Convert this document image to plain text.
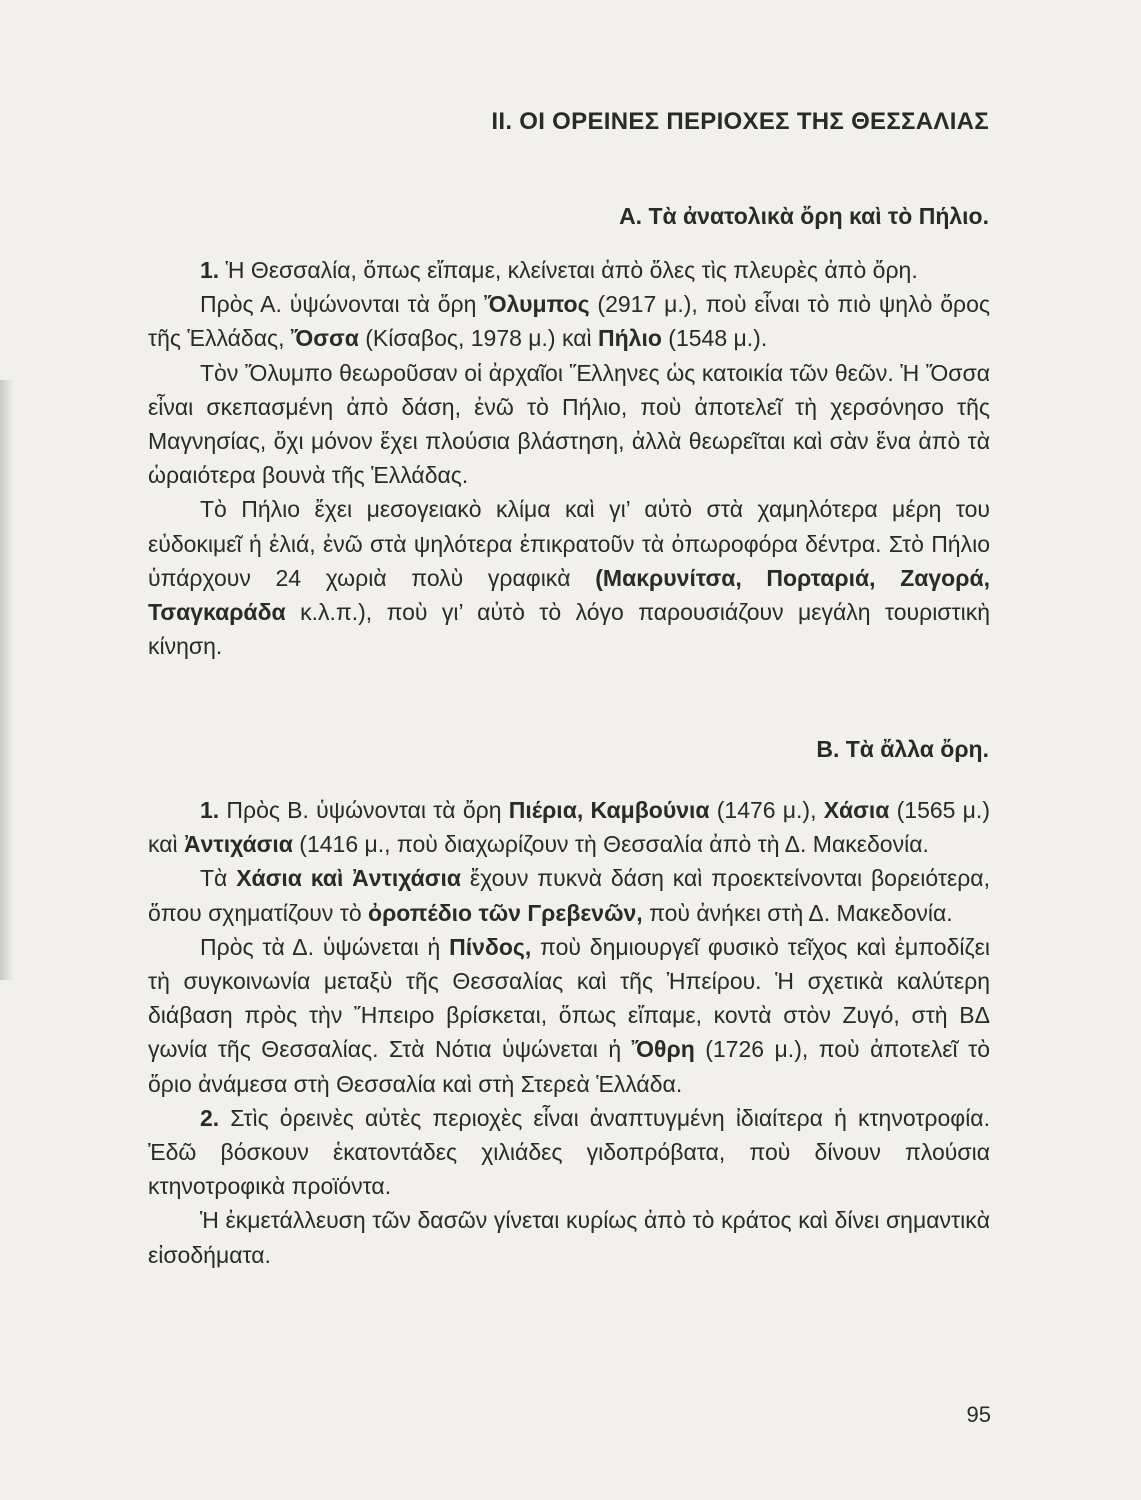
ΙΙ. ΟΙ ΟΡΕΙΝΕΣ ΠΕΡΙΟΧΕΣ ΤΗΣ ΘΕΣΣΑΛΙΑΣ
Α. Τὰ ἀνατολικὰ ὄρη καὶ τὸ Πήλιο.

1. Ἡ Θεσσαλία, ὅπως εἴπαμε, κλείνεται ἀπὸ ὅλες τὶς πλευρὲς ἀπὸ ὄρη.

Πρὸς Α. ὑψώνονται τὰ ὄρη Ὄλυμπος (2917 μ.), ποὺ εἶναι τὸ πιὸ ψηλὸ ὄρος τῆς Ἑλλάδας, Ὄσσα (Κίσαβος, 1978 μ.) καὶ Πήλιο (1548 μ.).

Τὸν Ὄλυμπο θεωροῦσαν οἱ ἀρχαῖοι Ἕλληνες ὡς κατοικία τῶν θεῶν. Ἡ Ὄσσα εἶναι σκεπασμένη ἀπὸ δάση, ἐνῶ τὸ Πήλιο, ποὺ ἀποτελεῖ τὴ χερσόνησο τῆς Μαγνησίας, ὄχι μόνον ἔχει πλούσια βλάστηση, ἀλλὰ θεωρεῖται καὶ σὰν ἕνα ἀπὸ τὰ ὡραιότερα βουνὰ τῆς Ἑλλάδας.

Τὸ Πήλιο ἔχει μεσογειακὸ κλίμα καὶ γι’ αὐτὸ στὰ χαμηλότερα μέρη του εὐδοκιμεῖ ἡ ἐλιά, ἐνῶ στὰ ψηλότερα ἐπικρατοῦν τὰ ὀπωροφόρα δέντρα. Στὸ Πήλιο ὑπάρχουν 24 χωριὰ πολὺ γραφικὰ (Μακρυνίτσα, Πορταριά, Ζαγορά, Τσαγκαράδα κ.λ.π.), ποὺ γι’ αὐτὸ τὸ λόγο παρουσιάζουν μεγάλη τουριστικὴ κίνηση.

Β. Τὰ ἄλλα ὄρη.

1. Πρὸς Β. ὑψώνονται τὰ ὄρη Πιέρια, Καμβούνια (1476 μ.), Χάσια (1565 μ.) καὶ Ἀντιχάσια (1416 μ., ποὺ διαχωρίζουν τὴ Θεσσαλία ἀπὸ τὴ Δ. Μακεδονία.

Τὰ Χάσια καὶ Ἀντιχάσια ἔχουν πυκνὰ δάση καὶ προεκτείνονται βορειότερα, ὅπου σχηματίζουν τὸ ὀροπέδιο τῶν Γρεβενῶν, ποὺ ἀνήκει στὴ Δ. Μακεδονία.

Πρὸς τὰ Δ. ὑψώνεται ἡ Πίνδος, ποὺ δημιουργεῖ φυσικὸ τεῖχος καὶ ἐμποδίζει τὴ συγκοινωνία μεταξὺ τῆς Θεσσαλίας καὶ τῆς Ἠπείρου. Ἡ σχετικὰ καλύτερη διάβαση πρὸς τὴν Ἤπειρο βρίσκεται, ὅπως εἴπαμε, κοντὰ στὸν Ζυγό, στὴ ΒΔ γωνία τῆς Θεσσαλίας. Στὰ Νότια ὑψώνεται ἡ Ὄθρη (1726 μ.), ποὺ ἀποτελεῖ τὸ ὅριο ἀνάμεσα στὴ Θεσσαλία καὶ στὴ Στερεὰ Ἑλλάδα.

2. Στὶς ὀρεινὲς αὐτὲς περιοχὲς εἶναι ἀναπτυγμένη ἰδιαίτερα ἡ κτηνοτροφία. Ἐδῶ βόσκουν ἑκατοντάδες χιλιάδες γιδοπρόβατα, ποὺ δίνουν πλούσια κτηνοτροφικὰ προϊόντα.

Ἡ ἐκμετάλλευση τῶν δασῶν γίνεται κυρίως ἀπὸ τὸ κράτος καὶ δίνει σημαντικὰ εἰσοδήματα.

95
